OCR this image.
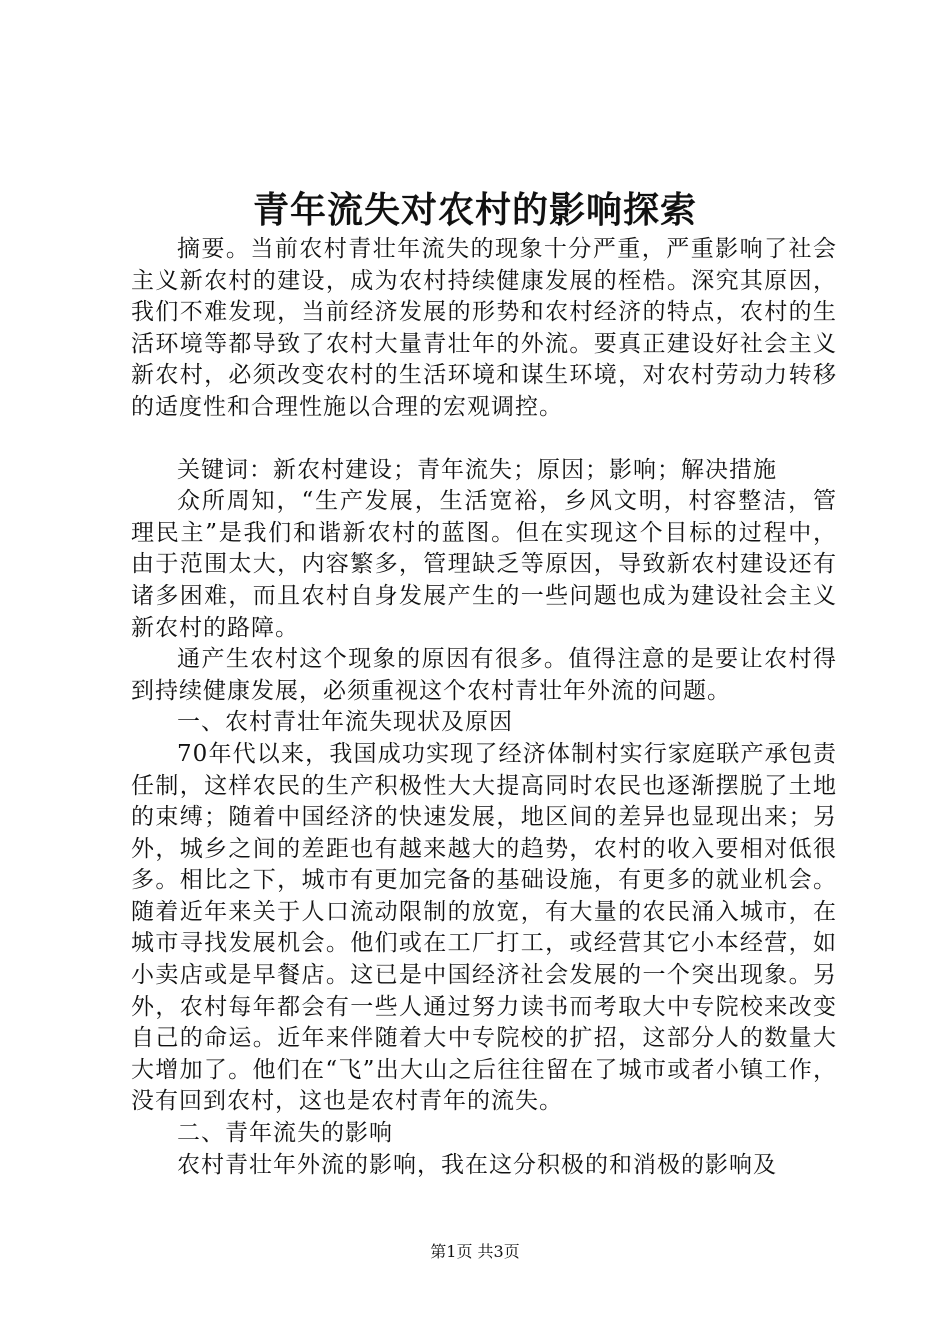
青年流失对农村的影响探索

摘要。当前农村青壮年流失的现象十分严重，严重影响了社会主义新农村的建设，成为农村持续健康发展的桎梏。深究其原因，我们不难发现，当前经济发展的形势和农村经济的特点，农村的生活环境等都导致了农村大量青壮年的外流。要真正建设好社会主义新农村，必须改变农村的生活环境和谋生环境，对农村劳动力转移的适度性和合理性施以合理的宏观调控。

关键词：新农村建设；青年流失；原因；影响；解决措施

众所周知，“生产发展，生活宽裕，乡风文明，村容整洁，管理民主”是我们和谐新农村的蓝图。但在实现这个目标的过程中，由于范围太大，内容繁多，管理缺乏等原因，导致新农村建设还有诸多困难，而且农村自身发展产生的一些问题也成为建设社会主义新农村的路障。

通产生农村这个现象的原因有很多。值得注意的是要让农村得到持续健康发展，必须重视这个农村青壮年外流的问题。

一、农村青壮年流失现状及原因

70年代以来，我国成功实现了经济体制村实行家庭联产承包责任制，这样农民的生产积极性大大提高同时农民也逐渐摆脱了土地的束缚；随着中国经济的快速发展，地区间的差异也显现出来；另外，城乡之间的差距也有越来越大的趋势，农村的收入要相对低很多。相比之下，城市有更加完备的基础设施，有更多的就业机会。随着近年来关于人口流动限制的放宽，有大量的农民涌入城市，在城市寻找发展机会。他们或在工厂打工，或经营其它小本经营，如小卖店或是早餐店。这已是中国经济社会发展的一个突出现象。另外，农村每年都会有一些人通过努力读书而考取大中专院校来改变自己的命运。近年来伴随着大中专院校的扩招，这部分人的数量大大增加了。他们在“飞”出大山之后往往留在了城市或者小镇工作，没有回到农村，这也是农村青年的流失。

二、青年流失的影响

农村青壮年外流的影响，我在这分积极的和消极的影响及

第1页 共3页
